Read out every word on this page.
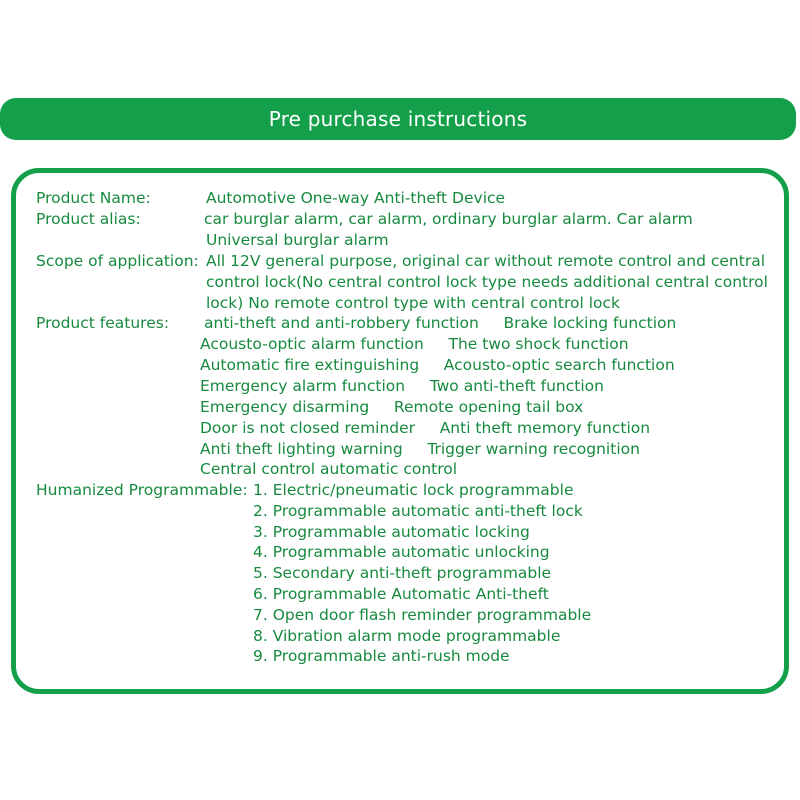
Pre purchase instructions
Product Name:	Automotive One-way Anti-theft Device
Product alias:	car burglar alarm, car alarm, ordinary burglar alarm. Car alarm
Universal burglar alarm
Scope of application: All 12V general purpose, original car without remote control and central
control lock(No central control lock type needs additional central control
lock) No remote control type with central control lock
Product features: anti-theft and anti-robbery function     Brake locking function
Acousto-optic alarm function     The two shock function
Automatic fire extinguishing     Acousto-optic search function
Emergency alarm function     Two anti-theft function
Emergency disarming     Remote opening tail box
Door is not closed reminder     Anti theft memory function
Anti theft lighting warning     Trigger warning recognition
Central control automatic control
Humanized Programmable: 1. Electric/pneumatic lock programmable
2. Programmable automatic anti-theft lock
3. Programmable automatic locking
4. Programmable automatic unlocking
5. Secondary anti-theft programmable
6. Programmable Automatic Anti-theft
7. Open door flash reminder programmable
8. Vibration alarm mode programmable
9. Programmable anti-rush mode
